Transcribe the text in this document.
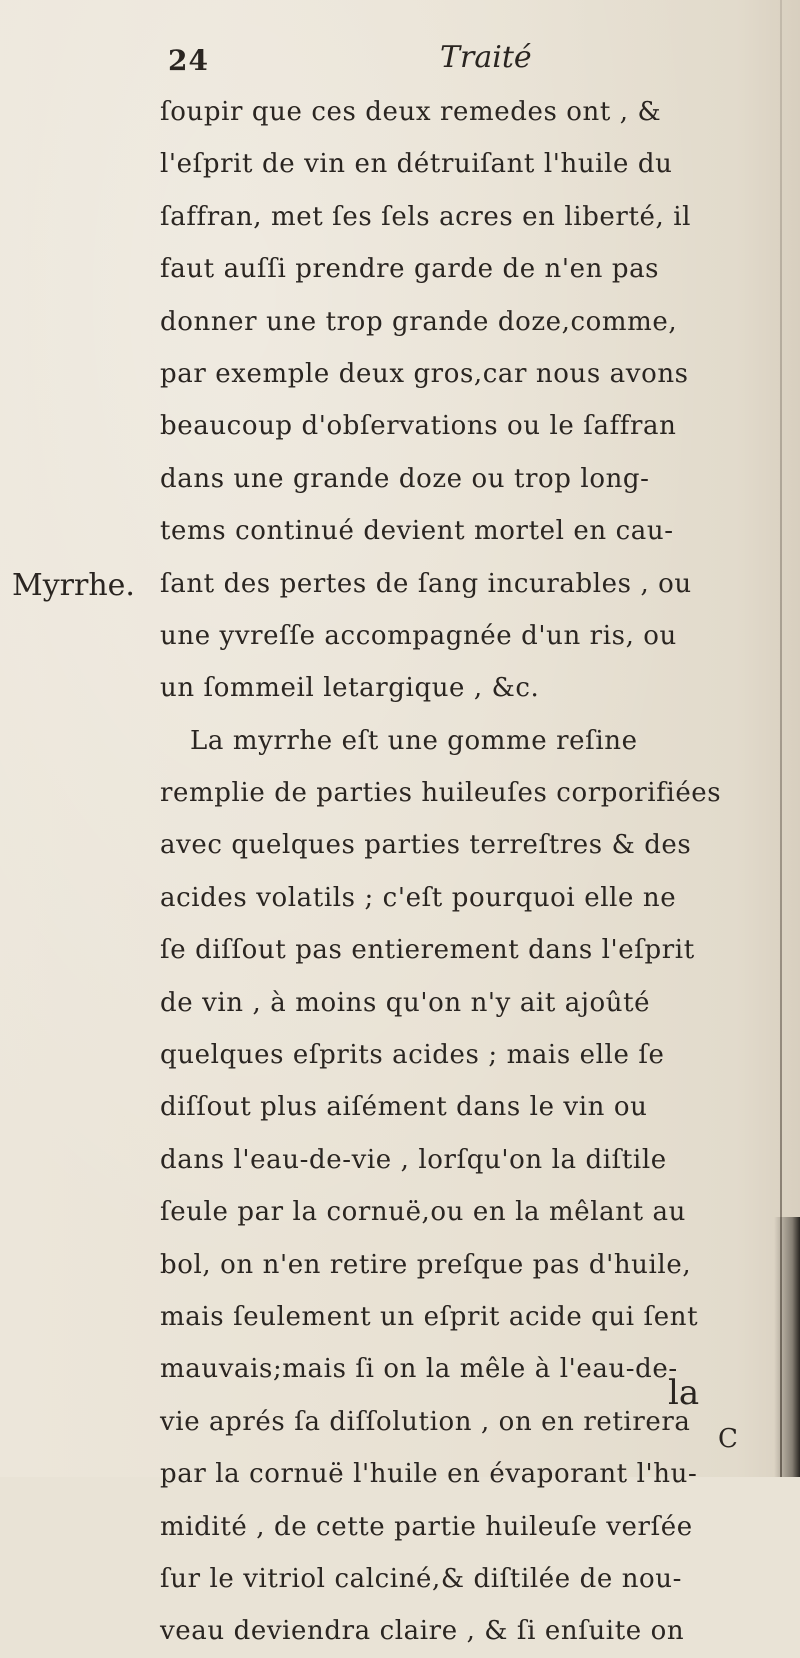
24	Traité
Myrrhe.
ſoupir que ces deux remedes ont , &
l'eſprit de vin en détruiſant l'huile du
ſaffran, met ſes ſels acres en liberté, il
faut auſſi prendre garde de n'en pas
donner une trop grande doze,comme,
par exemple deux gros,car nous avons
beaucoup d'obſervations ou le ſaffran
dans une grande doze ou trop long-
tems continué devient mortel en cau-
ſant des pertes de ſang incurables , ou
une yvreſſe accompagnée d'un ris, ou
un ſommeil letargique , &c.
La myrrhe eſt une gomme reſine
remplie de parties huileuſes corporifiées
avec quelques parties terreſtres & des
acides volatils ; c'eſt pourquoi elle ne
ſe diſſout pas entierement dans l'eſprit
de vin , à moins qu'on n'y ait ajoûté
quelques eſprits acides ; mais elle ſe
diſſout plus aiſément dans le vin ou
dans l'eau-de-vie , lorſqu'on la diſtile
ſeule par la cornuë,ou en la mêlant au
bol, on n'en retire preſque pas d'huile,
mais ſeulement un eſprit acide qui ſent
mauvais;mais ſi on la mêle à l'eau-de-
vie aprés ſa diſſolution , on en retirera
par la cornuë l'huile en évaporant l'hu-
midité , de cette partie huileuſe verſée
ſur le vitriol calciné,& diſtilée de nou-
veau deviendra claire , & ſi enſuite on
la
C
